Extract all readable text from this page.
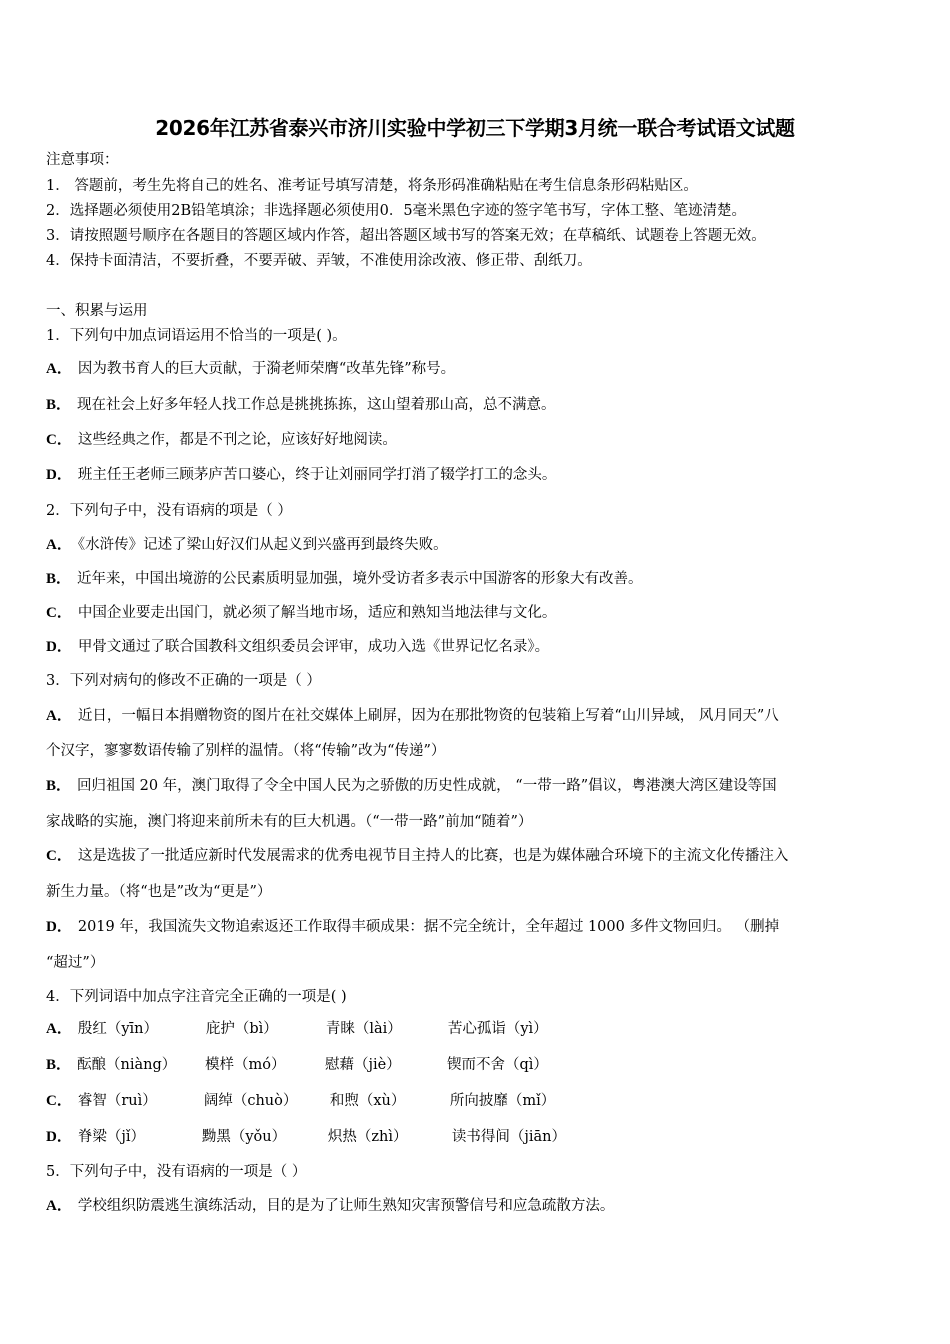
2026年江苏省泰兴市济川实验中学初三下学期3月统一联合考试语文试题
注意事项：
1． 答题前，考生先将自己的姓名、准考证号填写清楚，将条形码准确粘贴在考生信息条形码粘贴区。
2．选择题必须使用2B铅笔填涂；非选择题必须使用0．5毫米黑色字迹的签字笔书写，字体工整、笔迹清楚。
3．请按照题号顺序在各题目的答题区域内作答，超出答题区域书写的答案无效；在草稿纸、试题卷上答题无效。
4．保持卡面清洁，不要折叠，不要弄破、弄皱，不准使用涂改液、修正带、刮纸刀。
一、积累与运用
1．下列句中加点词语运用不恰当的一项是( )。
A． 因为教书育人的巨大贡献，于漪老师荣膺“改革先锋”称号。
B． 现在社会上好多年轻人找工作总是挑挑拣拣，这山望着那山高，总不满意。
C． 这些经典之作，都是不刊之论，应该好好地阅读。
D． 班主任王老师三顾茅庐苦口婆心，终于让刘丽同学打消了辍学打工的念头。
2．下列句子中，没有语病的项是（ ）
A． 《水浒传》记述了梁山好汉们从起义到兴盛再到最终失败。
B． 近年来，中国出境游的公民素质明显加强，境外受访者多表示中国游客的形象大有改善。
C． 中国企业要走出国门，就必须了解当地市场，适应和熟知当地法律与文化。
D． 甲骨文通过了联合国教科文组织委员会评审，成功入选《世界记忆名录》。
3．下列对病句的修改不正确的一项是（ ）
A． 近日，一幅日本捐赠物资的图片在社交媒体上刷屏，因为在那批物资的包装箱上写着“山川异域， 风月同天”八
个汉字，寥寥数语传输了别样的温情。（将“传输”改为“传递”）
B． 回归祖国 20 年，澳门取得了令全中国人民为之骄傲的历史性成就， “一带一路”倡议，粤港澳大湾区建设等国
家战略的实施，澳门将迎来前所未有的巨大机遇。（“一带一路”前加“随着”）
C． 这是选拔了一批适应新时代发展需求的优秀电视节目主持人的比赛，也是为媒体融合环境下的主流文化传播注入
新生力量。（将“也是”改为“更是”）
D． 2019 年，我国流失文物追索返还工作取得丰硕成果：据不完全统计，全年超过 1000 多件文物回归。 （删掉
“超过”）
4．下列词语中加点字注音完全正确的一项是( )
A． 殷红（yīn）	庇护（bì）	青睐（lài）	苦心孤诣（yì）
B． 酝酿（niàng） 模样（mó）	慰藉（jiè）	锲而不舍（qì）
C． 睿智（ruì）	阔绰（chuò） 和煦（xù）	所向披靡（mǐ）
D． 脊梁（jǐ）	黝黑（yǒu）	炽热（zhì）	读书得间（jiān）
5．下列句子中，没有语病的一项是（ ）
A． 学校组织防震逃生演练活动，目的是为了让师生熟知灾害预警信号和应急疏散方法。
